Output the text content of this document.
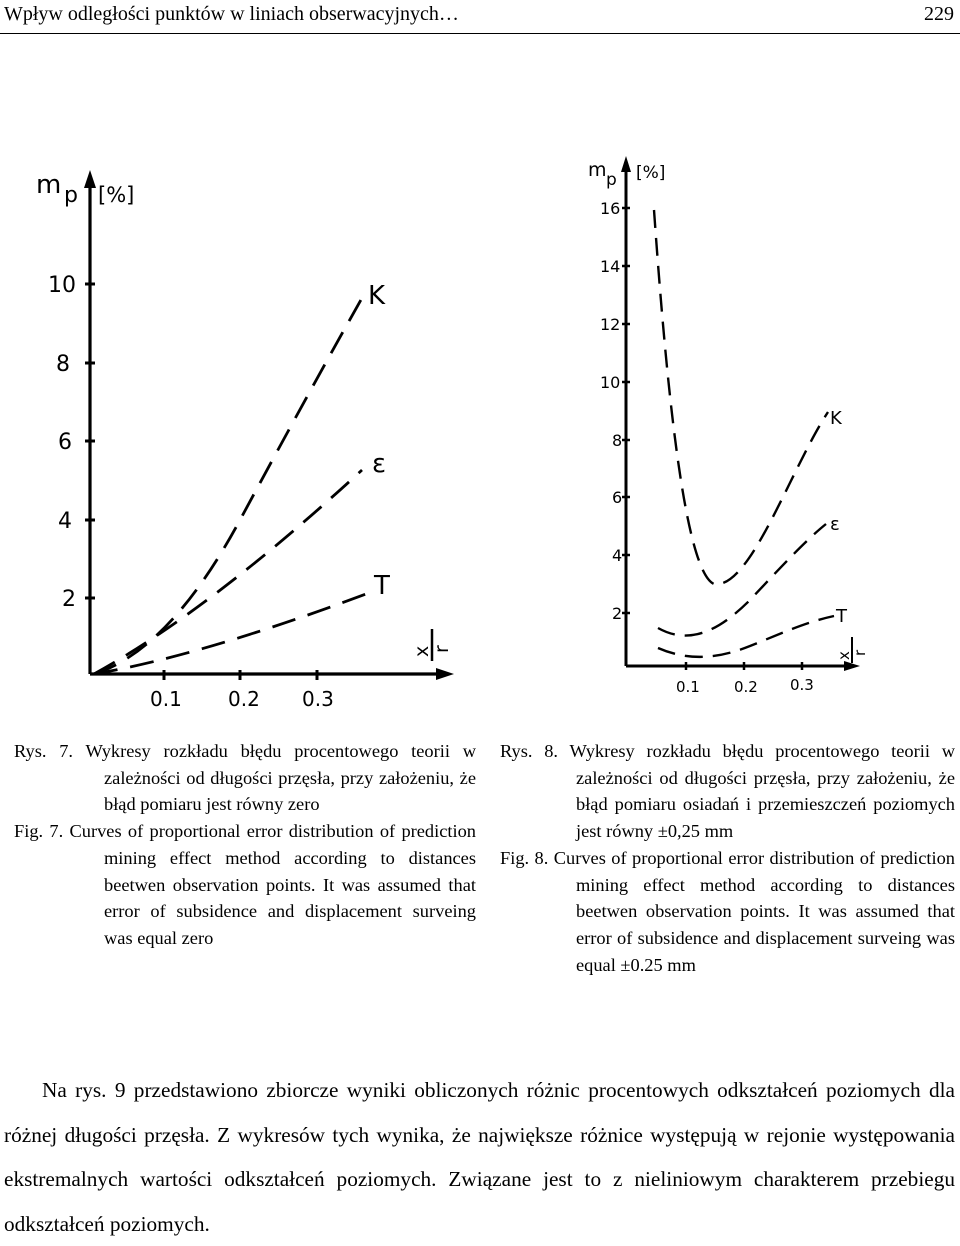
Wpływ odległości punktów w liniach obserwacyjnych…	229
m p [%]
2
4
6
8
10
0.1 0.2 0.3
x
r
K
ε
T
m p [%]
2
4
6
8
10
12
14
16
0.1 0.2 0.3
x
r
K
ε
T

Rys. 7. Wykresy rozkładu błędu procentowego teorii w zależności od długości przęsła, przy założeniu, że błąd pomiaru jest równy zero

Fig. 7. Curves of proportional error distribution of prediction mining effect method according to distances beetwen observation points. It was assumed that error of subsidence and displacement surveing was equal zero

Rys. 8. Wykresy rozkładu błędu procentowego teorii w zależności od długości przęsła, przy założeniu, że błąd pomiaru osiadań i przemieszczeń poziomych jest równy ±0,25 mm

Fig. 8. Curves of proportional error distribution of prediction mining effect method according to distances beetwen observation points. It was assumed that error of subsidence and displacement surveing was equal ±0.25 mm

Na rys. 9 przedstawiono zbiorcze wyniki obliczonych różnic procentowych odkształceń poziomych dla różnej długości przęsła. Z wykresów tych wynika, że największe różnice występują w rejonie występowania ekstremalnych wartości odkształceń poziomych. Związane jest to z nieliniowym charakterem przebiegu odkształceń poziomych.
